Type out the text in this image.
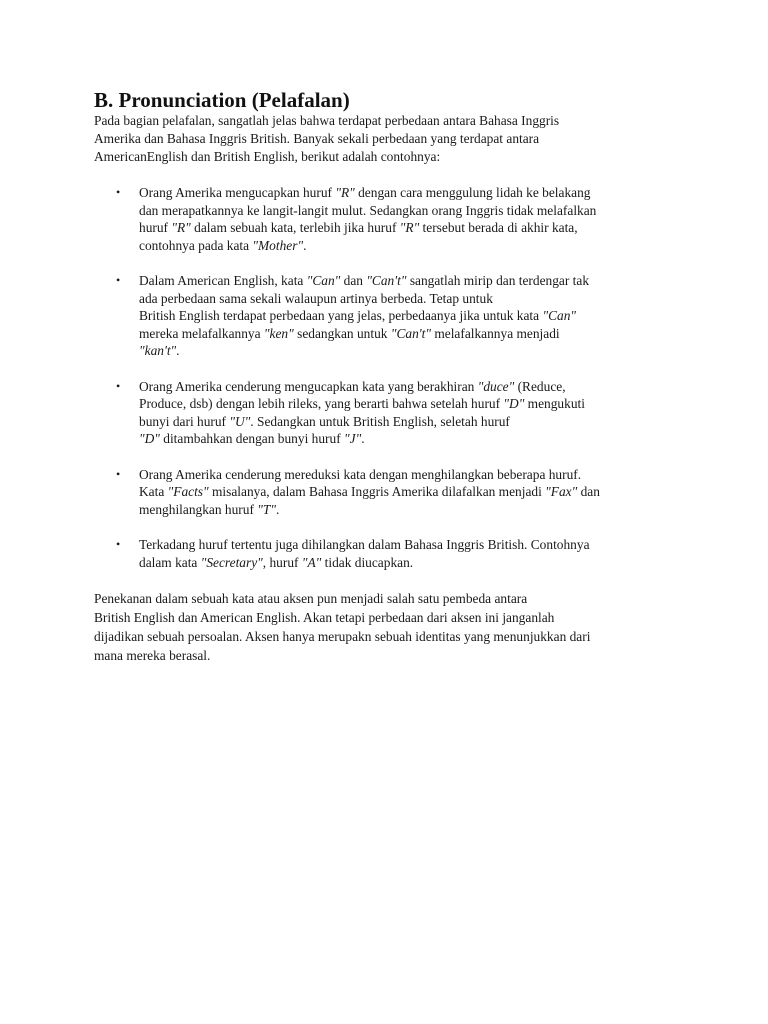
B. Pronunciation (Pelafalan)

Pada bagian pelafalan, sangatlah jelas bahwa terdapat perbedaan antara Bahasa Inggris
Amerika dan Bahasa Inggris British. Banyak sekali perbedaan yang terdapat antara
AmericanEnglish dan British English, berikut adalah contohnya:

• Orang Amerika mengucapkan huruf "R" dengan cara menggulung lidah ke belakang
dan merapatkannya ke langit-langit mulut. Sedangkan orang Inggris tidak melafalkan
huruf "R" dalam sebuah kata, terlebih jika huruf "R" tersebut berada di akhir kata,
contohnya pada kata "Mother".
• Dalam American English, kata "Can" dan "Can't" sangatlah mirip dan terdengar tak
ada perbedaan sama sekali walaupun artinya berbeda. Tetap untuk
British English terdapat perbedaan yang jelas, perbedaanya jika untuk kata "Can"
mereka melafalkannya "ken" sedangkan untuk "Can't" melafalkannya menjadi
"kan't".
• Orang Amerika cenderung mengucapkan kata yang berakhiran "duce" (Reduce,
Produce, dsb) dengan lebih rileks, yang berarti bahwa setelah huruf "D" mengukuti
bunyi dari huruf "U". Sedangkan untuk British English, seletah huruf
"D" ditambahkan dengan bunyi huruf "J".
• Orang Amerika cenderung mereduksi kata dengan menghilangkan beberapa huruf.
Kata "Facts" misalanya, dalam Bahasa Inggris Amerika dilafalkan menjadi "Fax" dan
menghilangkan huruf "T".
• Terkadang huruf tertentu juga dihilangkan dalam Bahasa Inggris British. Contohnya
dalam kata "Secretary", huruf "A" tidak diucapkan.

Penekanan dalam sebuah kata atau aksen pun menjadi salah satu pembeda antara
British English dan American English. Akan tetapi perbedaan dari aksen ini janganlah
dijadikan sebuah persoalan. Aksen hanya merupakn sebuah identitas yang menunjukkan dari
mana mereka berasal.
